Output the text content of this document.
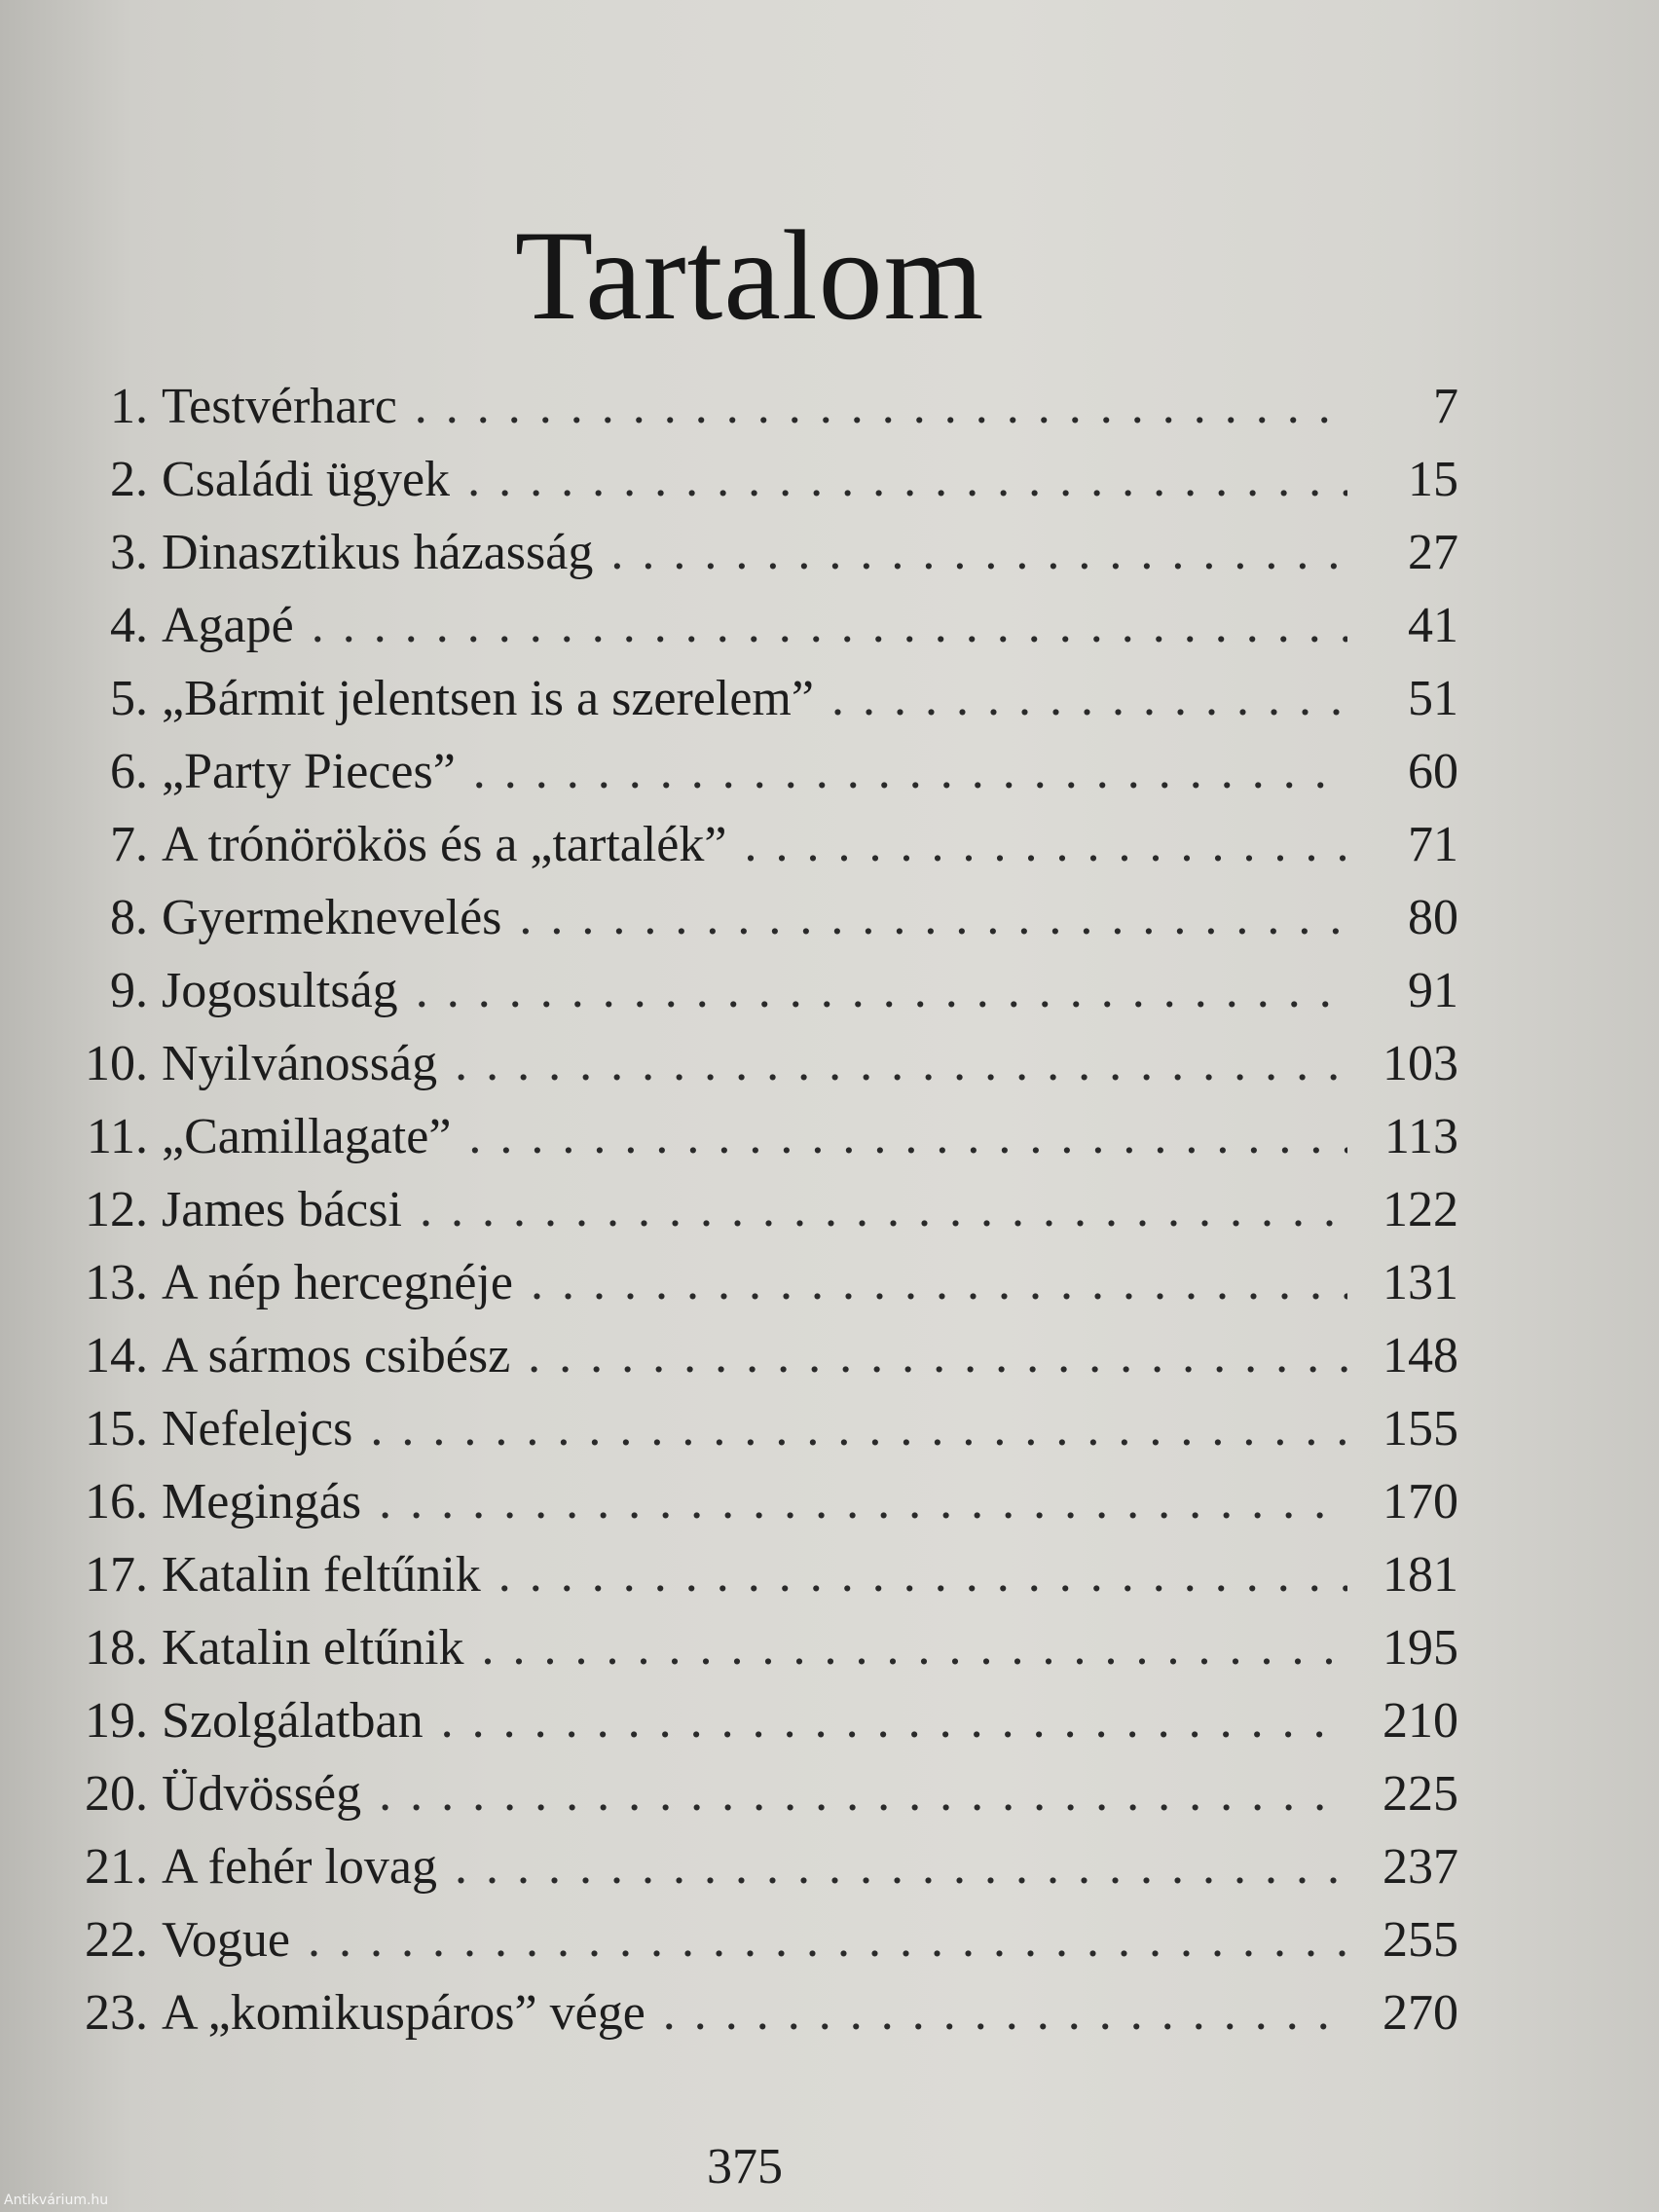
Tartalom
1. Testvérharc . . .	7
2. Családi ügyek . . .	15
3. Dinasztikus házasság . . .	27
4. Agapé . . .	41
5. „Bármit jelentsen is a szerelem” . . .	51
6. „Party Pieces” . . .	60
7. A trónörökös és a „tartalék” . . .	71
8. Gyermeknevelés . . .	80
9. Jogosultság . . .	91
10. Nyilvánosság . . .	103
11. „Camillagate” . . .	113
12. James bácsi . . .	122
13. A nép hercegnéje . . .	131
14. A sármos csibész . . .	148
15. Nefelejcs . . .	155
16. Megingás . . .	170
17. Katalin feltűnik . . .	181
18. Katalin eltűnik . . .	195
19. Szolgálatban . . .	210
20. Üdvösség . . .	225
21. A fehér lovag . . .	237
22. Vogue . . .	255
23. A „komikuspáros” vége . . .	270
375
Antikvárium.hu
